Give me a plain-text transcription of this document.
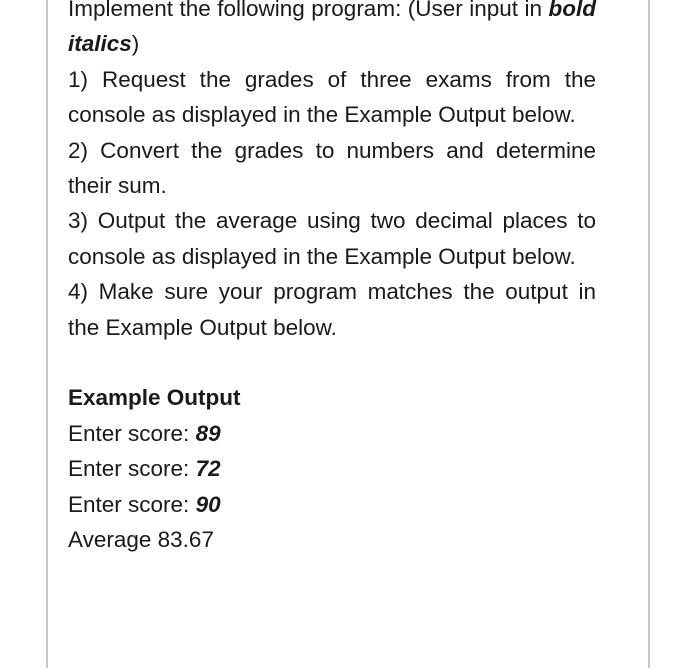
Implement the following program: (User input in bold italics)

1) Request the grades of three exams from the console as displayed in the Example Output below.

2) Convert the grades to numbers and determine their sum.

3) Output the average using two decimal places to console as displayed in the Example Output below.

4) Make sure your program matches the output in the Example Output below.

Example Output

Enter score: 89

Enter score: 72

Enter score: 90

Average 83.67
